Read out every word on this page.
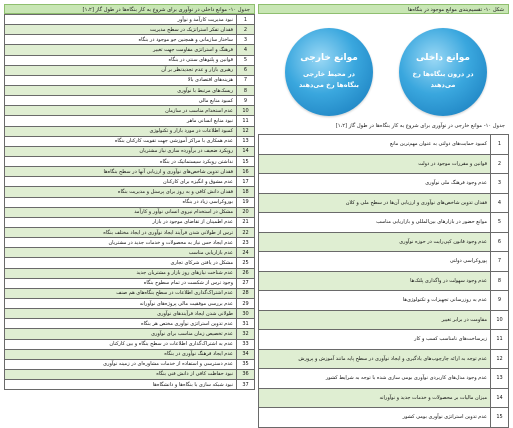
شکل ۱۰- تقسیم‌بندی موانع موجود در بنگاه‌ها
موانع داخلی
در درون بنگاه‌ها رخ می‌دهند
موانع خارجی
در محیط خارجی بنگاه‌ها رخ می‌دهند
جدول ۱۰- موانع خارجی در نوآوری برای شروع به کار بنگاه‌ها در طول گاز [۱،۲]
1	کمبود حمایت‌های دولتی به عنوان مهم‌ترین مانع
2	قوانین و مقررات موجود در دولت
3	عدم وجود فرهنگ ملی نوآوری
4	فقدان تدوین شاخص‌های نوآوری و ارزیابی آن‌ها در سطح ملی و کلان
5	موانع حضور در بازارهای بین‌المللی و بازاریابی مناسب
6	عدم وجود قانون کپی‌رایت در حوزه نوآوری
7	پوروکراسی دولتی
8	عدم وجود سهولت در واگذاری پلتک‌ها
9	عدم به روزرسانی تجهیزات و تکنولوژی‌ها
10	مقاومت در برابر تغییر
11	زیرساخت‌های نامناسب کسب و کار
12	عدم توجه به ارائه چارچوب‌های یادگیری و ایجاد نوآوری در سطح پایه مانند آموزش و پرورش
13	عدم وجود مدل‌های کاربردی نوآوری بومی سازی شده با توجه به شرایط کشور
14	میزان مالیات بر محصولات و خدمات جدید و نوآورانه
15	عدم تدوین استراتژی نوآوری بومی کشور
جدول ۱۰- موانع داخلی در نوآوری برای شروع به کار بنگاه‌ها در طول گاز [۱،۲]
1	نبود مدیریت کارآمد و نوآور
2	فقدان تفکر استراتژیک در سطح مدیریت
3	ساختار سازمانی و همچنین جو موجود در بنگاه
4	فرهنگ و استراتژی مقاومت جهت تغییر
5	قوانین و پلتوهای سنتی در بنگاه
6	رهبری بازار و عدم تجدیدنظر بر آن
7	هزینه‌های اقتصادی بالا
8	ریسک‌های مرتبط با نوآوری
9	کمبود منابع مالی
10	عدم استخدام مناسب در سازمان
11	نبود منابع انسانی ماهر
12	کمبود اطلاعات در مورد بازار و تکنولوژی
13	عدم همکاری با مراکز آموزشی جهت تقویت کارکنان بنگاه
14	رویکرد ضعیف در برآورده سازی نیاز مشتریان
15	نداشتن رویکرد سیستماتیک در بنگاه
16	فقدان تدوین شاخص‌های نوآوری و ارزیابی آنها در سطح بنگاه‌ها
17	عدم مشوق و انگیزه برای کارکنان
18	فقدان دانش کافی و به روز برای پرسنل و مدیریت بنگاه
19	بوروکراسی زیاد در بنگاه
20	مشکل در استخدام نیروی انسانی نوآور و کارآمد
21	عدم اطمینان از تقاضای موجود در بازار
22	ترس از طولانی شدن فرآیند ایجاد نوآوری در ایجاد مختلف بنگاه
23	عدم ایجاد حس نیاز به محصولات و خدمات جدید در مشتریان
24	عدم بازاریابی مناسب
25	مشکل در یافتن شرکای تجاری
26	عدم شناخت نیازهای روز بازار و مشتریان جدید
27	وجود ترس از شکست در تمام سطوح بنگاه
28	عدم اشتراک‌گذاری اطلاعات در سطح بنگاه‌های هم صنف
29	عدم بررسی موفقیت مالی پروژه‌های نوآورانه
30	طولانی شدن ایجاد فرآیندهای نوآوری
31	عدم تدوین استراتژی نوآوری مختص هر بنگاه
32	عدم تخصیص زمان مناسب برای نوآوری
33	عدم به اشتراک‌گذاری اطلاعات در سطح بنگاه و بین کارکنان
34	عدم ایجاد فرهنگ نوآوری در بنگاه
35	عدم دسترسی و استفاده از خدمات مشاوره‌ای در زمینه نوآوری
36	نبود حفاظت کافی از دانش فنی بنگاه
37	نبود شبکه سازی با بنگاه‌ها و دانشگاه‌ها
